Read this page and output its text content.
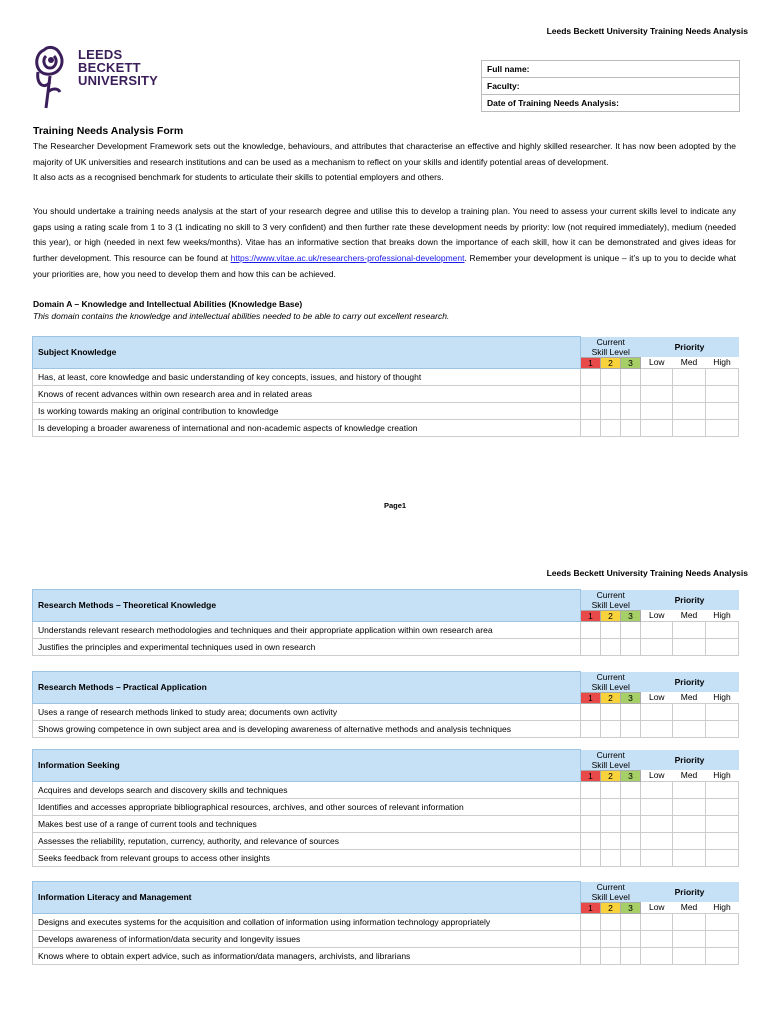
Leeds Beckett University Training Needs Analysis
LEEDS
BECKETT
UNIVERSITY
Full name:
Faculty:
Date of Training Needs Analysis:
Training Needs Analysis Form
The Researcher Development Framework sets out the knowledge, behaviours, and attributes that characterise an effective and highly skilled researcher. It has now been adopted by the majority of UK universities and research institutions and can be used as a mechanism to reflect on your skills and identify potential areas of development.
It also acts as a recognised benchmark for students to articulate their skills to potential employers and others.
You should undertake a training needs analysis at the start of your research degree and utilise this to develop a training plan. You need to assess your current skills level to indicate any gaps using a rating scale from 1 to 3 (1 indicating no skill to 3 very confident) and then further rate these development needs by priority: low (not required immediately), medium (needed this year), or high (needed in next few weeks/months). Vitae has an informative section that breaks down the importance of each skill, how it can be demonstrated and gives ideas for further development. This resource can be found at https://www.vitae.ac.uk/researchers-professional-development. Remember your development is unique – it’s up to you to decide what your priorities are, how you need to develop them and how this can be achieved.
Domain A – Knowledge and Intellectual Abilities (Knowledge Base)
This domain contains the knowledge and intellectual abilities needed to be able to carry out excellent research.
Page1
Leeds Beckett University Training Needs Analysis
Subject Knowledge	Current
Skill Level			Priority		
	1	2	3	Low	Med	High
Has, at least, core knowledge and basic understanding of key concepts, issues, and history of thought						
Knows of recent advances within own research area and in related areas						
Is working towards making an original contribution to knowledge						
Is developing a broader awareness of international and non-academic aspects of knowledge creation						
Research Methods – Theoretical Knowledge	Current
Skill Level			Priority		
	1	2	3	Low	Med	High
Understands relevant research methodologies and techniques and their appropriate application within own research area						
Justifies the principles and experimental techniques used in own research						
Research Methods – Practical Application	Current
Skill Level			Priority		
	1	2	3	Low	Med	High
Uses a range of research methods linked to study area; documents own activity						
Shows growing competence in own subject area and is developing awareness of alternative methods and analysis techniques						
Information Seeking	Current
Skill Level			Priority		
	1	2	3	Low	Med	High
Acquires and develops search and discovery skills and techniques						
Identifies and accesses appropriate bibliographical resources, archives, and other sources of relevant information						
Makes best use of a range of current tools and techniques						
Assesses the reliability, reputation, currency, authority, and relevance of sources						
Seeks feedback from relevant groups to access other insights						
Information Literacy and Management	Current
Skill Level			Priority		
	1	2	3	Low	Med	High
Designs and executes systems for the acquisition and collation of information using information technology appropriately						
Develops awareness of information/data security and longevity issues						
Knows where to obtain expert advice, such as information/data managers, archivists, and librarians						
